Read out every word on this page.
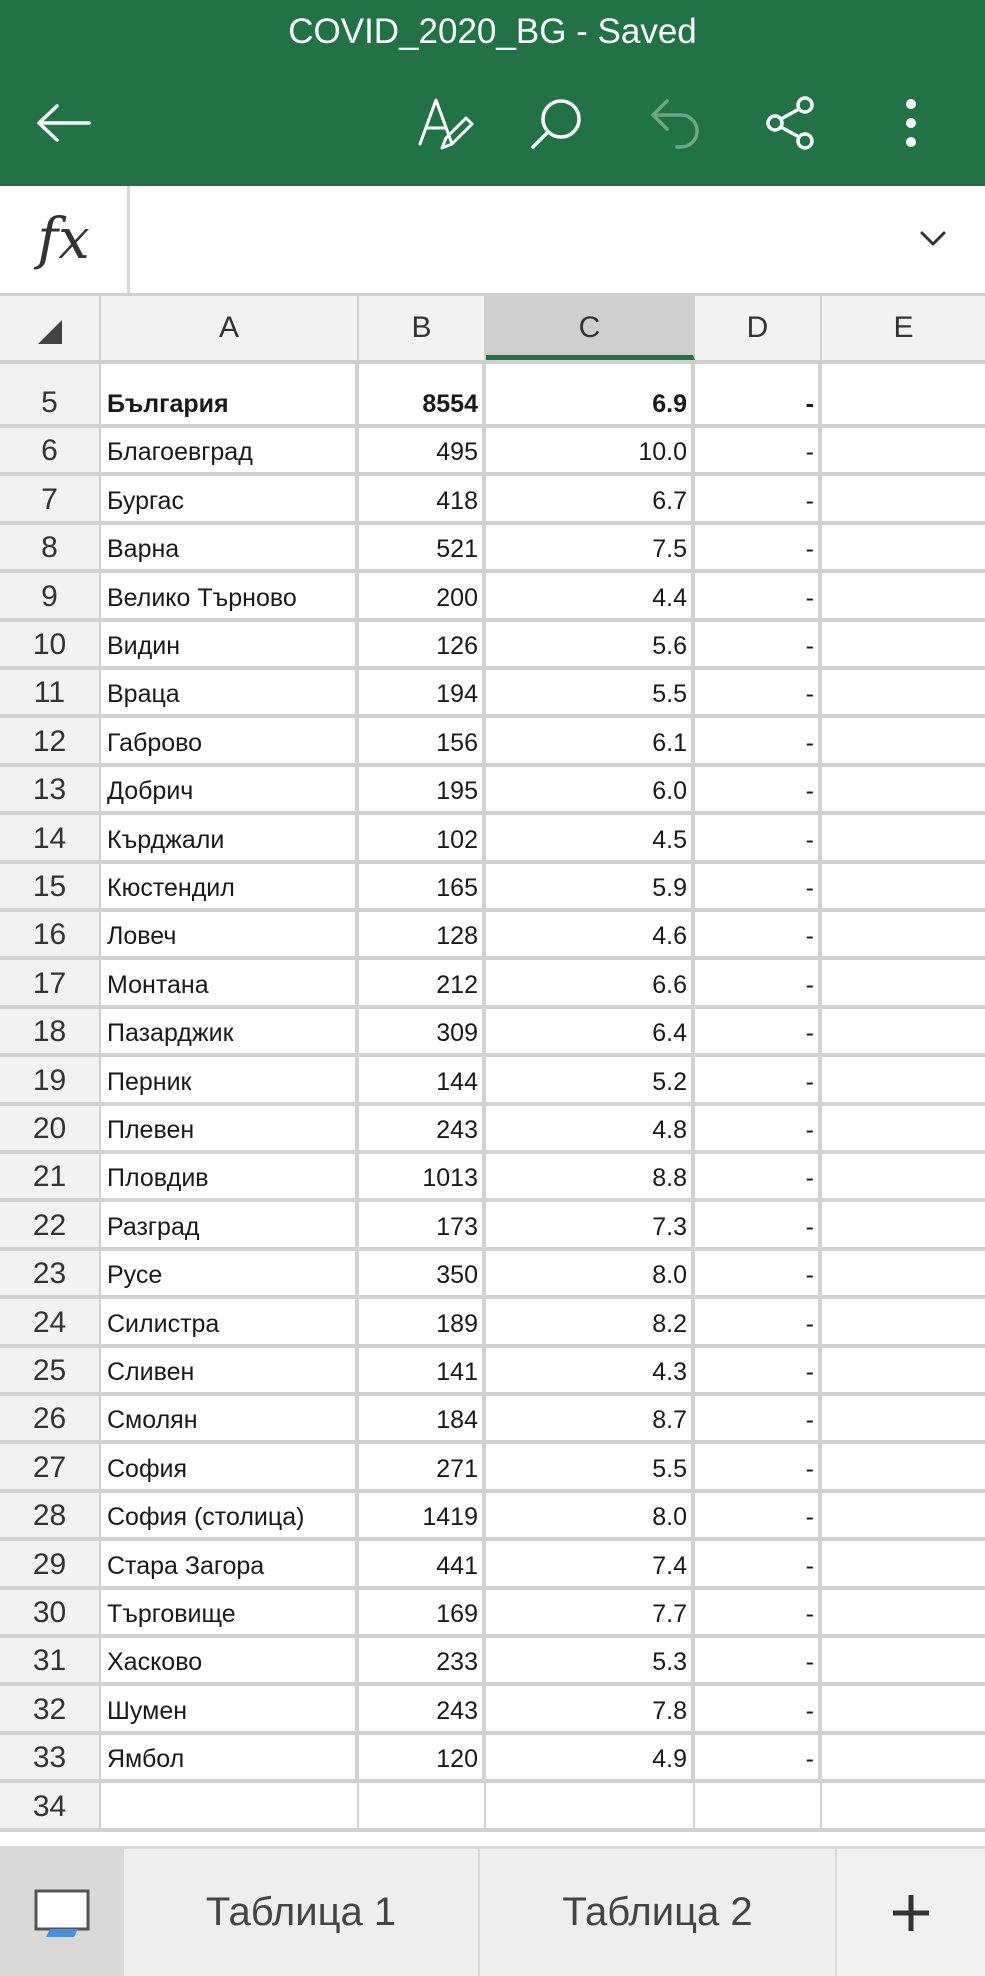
COVID_2020_BG - Saved
fx
A	B	C	D	E
5	България	8554	6.9	-
6	Благоевград	495	10.0	-
7	Бургас	418	6.7	-
8	Варна	521	7.5	-
9	Велико Търново	200	4.4	-
10	Видин	126	5.6	-
11	Враца	194	5.5	-
12	Габрово	156	6.1	-
13	Добрич	195	6.0	-
14	Кърджали	102	4.5	-
15	Кюстендил	165	5.9	-
16	Ловеч	128	4.6	-
17	Монтана	212	6.6	-
18	Пазарджик	309	6.4	-
19	Перник	144	5.2	-
20	Плевен	243	4.8	-
21	Пловдив	1013	8.8	-
22	Разград	173	7.3	-
23	Русе	350	8.0	-
24	Силистра	189	8.2	-
25	Сливен	141	4.3	-
26	Смолян	184	8.7	-
27	София	271	5.5	-
28	София (столица)	1419	8.0	-
29	Стара Загора	441	7.4	-
30	Търговище	169	7.7	-
31	Хасково	233	5.3	-
32	Шумен	243	7.8	-
33	Ямбол	120	4.9	-
34
Таблица 1	Таблица 2
